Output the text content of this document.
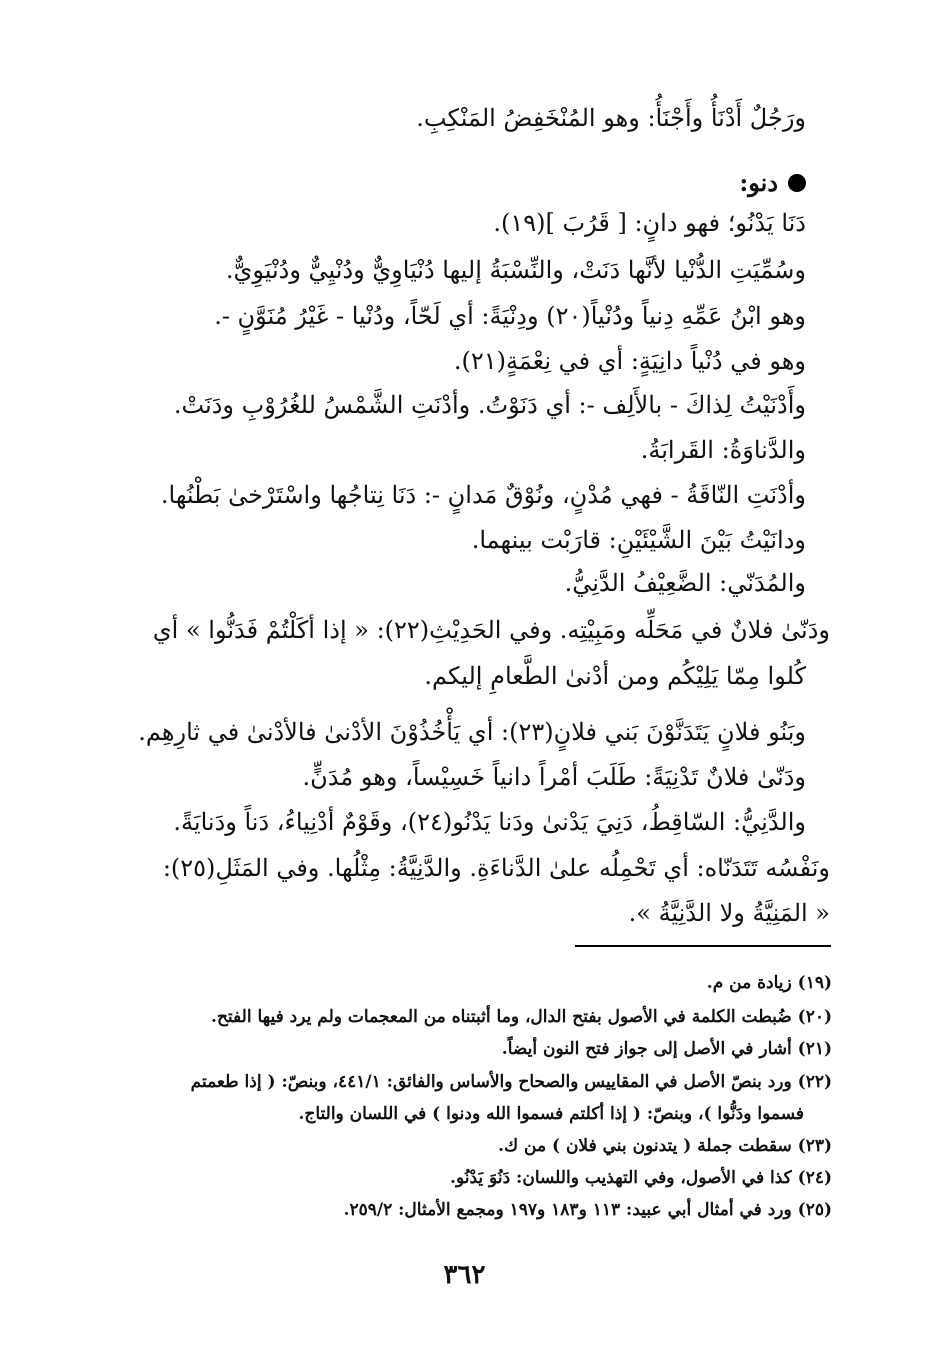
ورَجُلٌ أَدْنَأُ وأَجْنَأُ: وهو المُنْخَفِضُ المَنْكِبِ.
دنو:
دَنَا يَدْنُو؛ فهو دانٍ: [ قَرُبَ ](١٩).
وسُمِّيَتِ الدُّنْيا لأنَّها دَنَتْ، والنِّسْبَةُ إليها دُنْيَاوِيٌّ ودُنْيِيٌّ ودُنْيَوِيٌّ.
وهو ابْنُ عَمِّهِ دِنياً ودُنْياً(٢٠) ودِنْيَةً: أي لَحّاً، ودُنْيا - غَيْرُ مُنَوَّنٍ -.
وهو في دُنْياً دانِيَةٍ: أي في نِعْمَةٍ(٢١).
وأَدْنَيْتُ لِذاكَ - بالأَلِف -: أي دَنَوْتُ. وأدْنَتِ الشَّمْسُ للغُرُوْبِ ودَنَتْ.
والدَّناوَةُ: القَرابَةُ.
وأدْنَتِ النّاقَةُ - فهي مُدْنٍ، ونُوْقٌ مَدانٍ -: دَنَا نِتاجُها واسْتَرْخىٰ بَطْنُها.
ودانَيْتُ بَيْنَ الشَّيْئَيْنِ: قارَبْت بينهما.
والمُدَنّي: الضَّعِيْفُ الدَّنِيُّ.
ودَنّىٰ فلانٌ في مَحَلِّه ومَبِيْتِه. وفي الحَدِيْثِ(٢٢): « إذا أكَلْتُمْ فَدَنُّوا » أي
كُلوا مِمّا يَلِيْكُم ومن أدْنىٰ الطَّعامِ إليكم.
وبَنُو فلانٍ يَتَدَنَّوْنَ بَني فلانٍ(٢٣): أي يَأْخُذُوْنَ الأدْنىٰ فالأدْنىٰ في ثارِهِم.
ودَنّىٰ فلانٌ تَدْنِيَةً: طَلَبَ أمْراً دانياً خَسِيْساً، وهو مُدَنٍّ.
والدَّنِيُّ: السّاقِطُ، دَنِيَ يَدْنىٰ ودَنا يَدْنُو(٢٤)، وقَوْمٌ أدْنِياءُ، دَناً ودَنايَةً.
ونَفْسُه تَتَدَنّاه: أي تَحْمِلُه علىٰ الدَّناءَةِ. والدَّنِيَّةُ: مِثْلُها. وفي المَثَلِ(٢٥):
« المَنِيَّةُ ولا الدَّنِيَّةُ ».
(١٩) زيادة من م.
(٢٠) ضُبطت الكلمة في الأصول بفتح الدال، وما أثبتناه من المعجمات ولم يرد فيها الفتح.
(٢١) أشار في الأصل إلى جواز فتح النون أيضاً.
(٢٢) ورد بنصّ الأصل في المقاييس والصحاح والأساس والفائق: ٤٤١/١، وبنصّ: ( إذا طعمتم
فسموا ودَنُّوا )، وبنصّ: ( إذا أكلتم فسموا الله ودنوا ) في اللسان والتاج.
(٢٣) سقطت جملة ( يتدنون بني فلان ) من ك.
(٢٤) كذا في الأصول، وفي التهذيب واللسان: دَنُوَ يَدْنُو.
(٢٥) ورد في أمثال أبي عبيد: ١١٣ و١٨٣ و١٩٧ ومجمع الأمثال: ٢٥٩/٢.
٣٦٢
